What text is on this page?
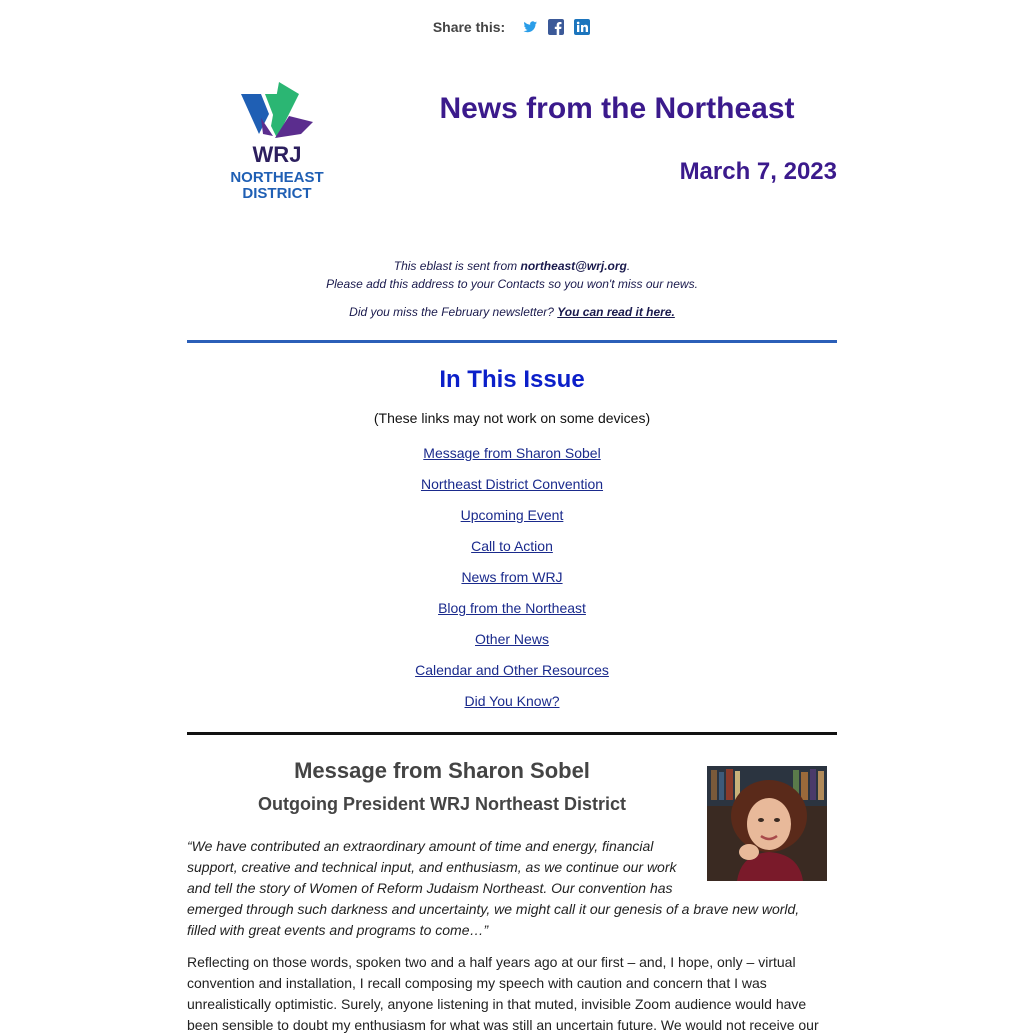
Share this:
WRJ
NORTHEAST
DISTRICT
News from the Northeast
March 7, 2023
This eblast is sent from northeast@wrj.org.
Please add this address to your Contacts so you won't miss our news.
Did you miss the February newsletter? You can read it here.
In This Issue
(These links may not work on some devices)
Message from Sharon Sobel
Northeast District Convention
Upcoming Event
Call to Action
News from WRJ
Blog from the Northeast
Other News
Calendar and Other Resources
Did You Know?
Message from Sharon Sobel
Outgoing President WRJ Northeast District
“We have contributed an extraordinary amount of time and energy, financial
support, creative and technical input, and enthusiasm, as we continue our work
and tell the story of Women of Reform Judaism Northeast. Our convention has
emerged through such darkness and uncertainty, we might call it our genesis of a brave new world,
filled with great events and programs to come…”
Reflecting on those words, spoken two and a half years ago at our first – and, I hope, only – virtual
convention and installation, I recall composing my speech with caution and concern that I was
unrealistically optimistic. Surely, anyone listening in that muted, invisible Zoom audience would have
been sensible to doubt my enthusiasm for what was still an uncertain future. We would not receive our
